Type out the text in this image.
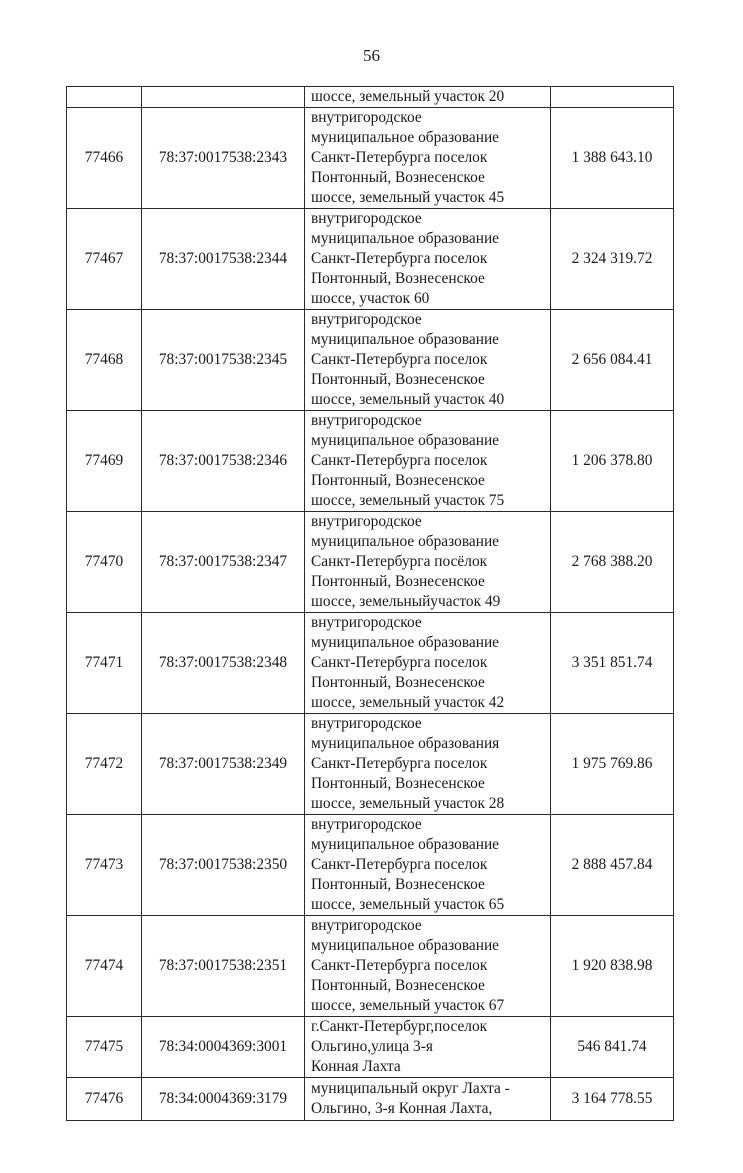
56
		шоссе, земельный участок 20	
77466	78:37:0017538:2343	внутригородское
муниципальное образование
Санкт-Петербурга поселок
Понтонный, Вознесенское
шоссе, земельный участок 45	1 388 643.10
77467	78:37:0017538:2344	внутригородское
муниципальное образование
Санкт-Петербурга поселок
Понтонный, Вознесенское
шоссе, участок 60	2 324 319.72
77468	78:37:0017538:2345	внутригородское
муниципальное образование
Санкт-Петербурга поселок
Понтонный, Вознесенское
шоссе, земельный участок 40	2 656 084.41
77469	78:37:0017538:2346	внутригородское
муниципальное образование
Санкт-Петербурга поселок
Понтонный, Вознесенское
шоссе, земельный участок 75	1 206 378.80
77470	78:37:0017538:2347	внутригородское
муниципальное образование
Санкт-Петербурга посёлок
Понтонный, Вознесенское
шоссе, земельныйучасток 49	2 768 388.20
77471	78:37:0017538:2348	внутригородское
муниципальное образование
Санкт-Петербурга поселок
Понтонный, Вознесенское
шоссе, земельный участок 42	3 351 851.74
77472	78:37:0017538:2349	внутригородское
муниципальное образования
Санкт-Петербурга поселок
Понтонный, Вознесенское
шоссе, земельный участок 28	1 975 769.86
77473	78:37:0017538:2350	внутригородское
муниципальное образование
Санкт-Петербурга поселок
Понтонный, Вознесенское
шоссе, земельный участок 65	2 888 457.84
77474	78:37:0017538:2351	внутригородское
муниципальное образование
Санкт-Петербурга поселок
Понтонный, Вознесенское
шоссе, земельный участок 67	1 920 838.98
77475	78:34:0004369:3001	г.Санкт-Петербург,поселок
Ольгино,улица 3-я
Конная Лахта	546 841.74
77476	78:34:0004369:3179	муниципальный округ Лахта -
Ольгино, 3-я Конная Лахта,	3 164 778.55
